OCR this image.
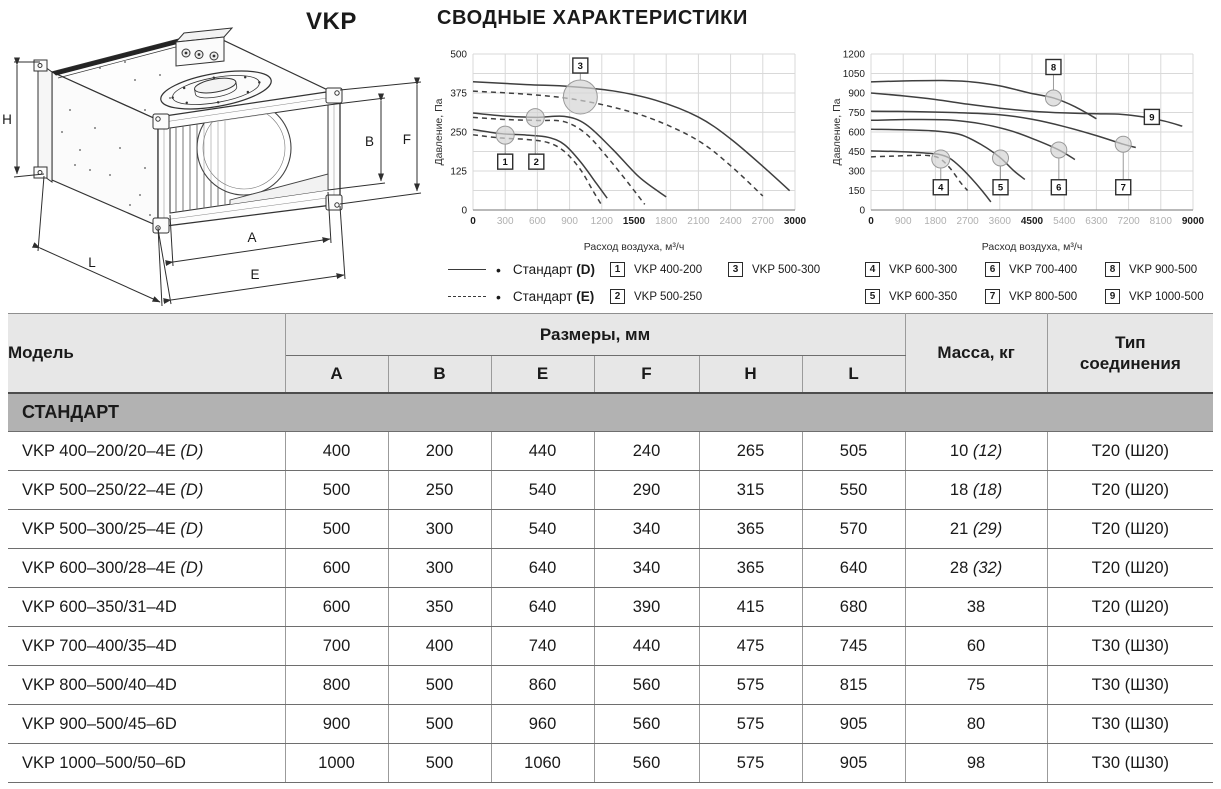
VKP	СВОДНЫЕ ХАРАКТЕРИСТИКИ
H
B F
A
E
L
1	2
3
0 300 600 900 1200 1500 1800 2100 2400 2700 3000
0
125
250
375
500
Расход воздуха, м³/ч
Давление, Па
4	5	6	7
8
9
0 900 1800 2700 3600 4500 5400 6300 7200 8100 9000
0
150
300
450
600
750
900
1050
1200
Расход воздуха, м³/ч
Давление, Па
• Стандарт (D)
• Стандарт (E)
1	VKP 400-200
2	VKP 500-250
3	VKP 500-300	4	VKP 600-300
5	VKP 600-350
6	VKP 700-400
7	VKP 800-500
8	VKP 900-500
9	VKP 1000-500
Модель	Размеры, мм						Масса, кг	Тип
соединения

	A	B	E	F	H	L		
СТАНДАРТ								
VKP 400–200/20–4E (D)	400	200	440	240	265	505	10 (12)	Т20 (Ш20)
VKP 500–250/22–4E (D)	500	250	540	290	315	550	18 (18)	Т20 (Ш20)
VKP 500–300/25–4E (D)	500	300	540	340	365	570	21 (29)	Т20 (Ш20)
VKP 600–300/28–4E (D)	600	300	640	340	365	640	28 (32)	Т20 (Ш20)
VKP 600–350/31–4D	600	350	640	390	415	680	38	Т20 (Ш20)
VKP 700–400/35–4D	700	400	740	440	475	745	60	Т30 (Ш30)
VKP 800–500/40–4D	800	500	860	560	575	815	75	Т30 (Ш30)
VKP 900–500/45–6D	900	500	960	560	575	905	80	Т30 (Ш30)
VKP 1000–500/50–6D	1000	500	1060	560	575	905	98	Т30 (Ш30)
